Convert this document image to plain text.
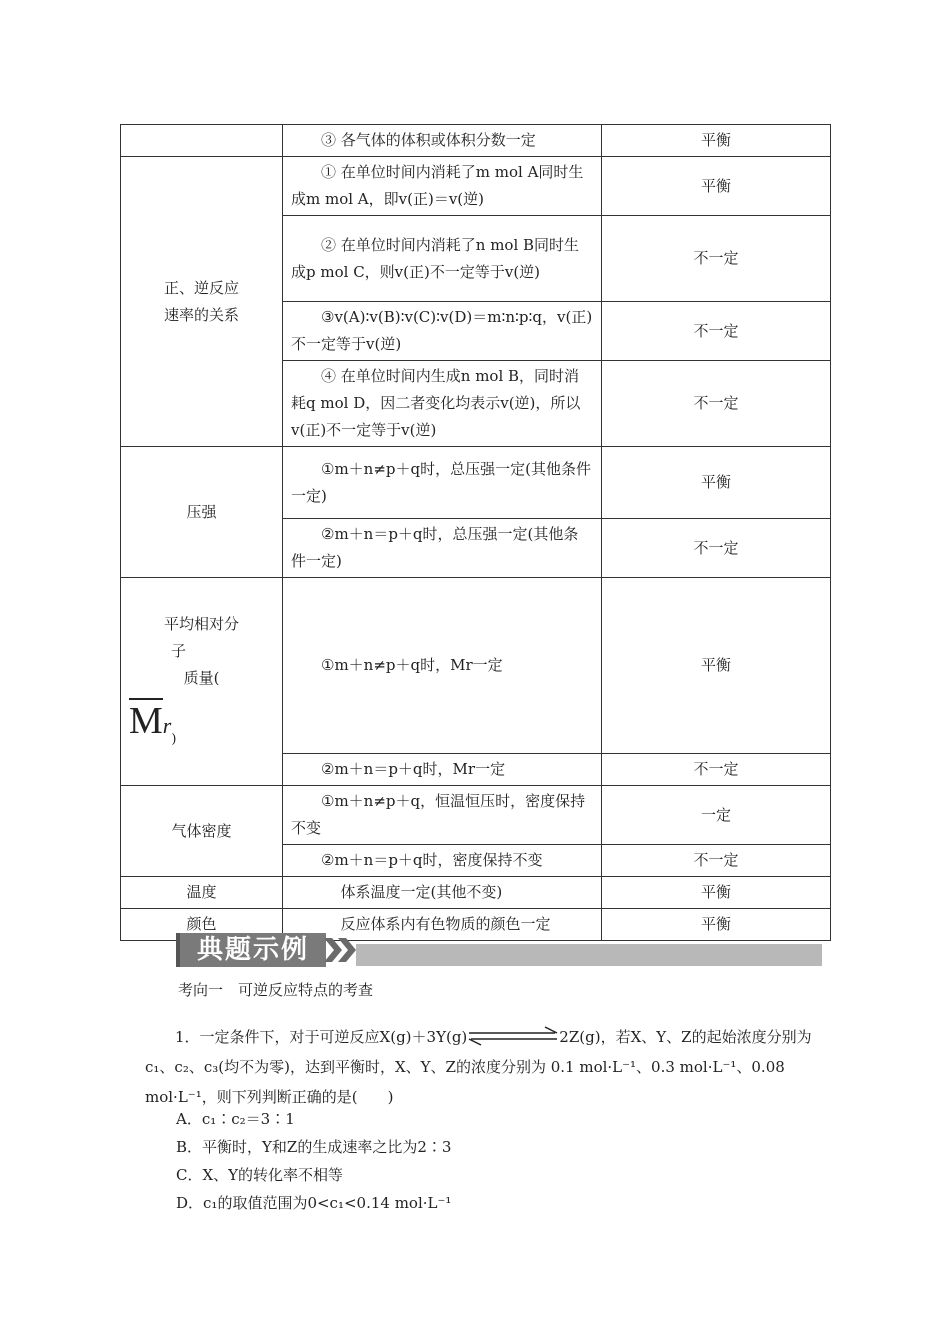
	③ 各气体的体积或体积分数一定	平衡
正、逆反应速率的关系	① 在单位时间内消耗了m mol A同时生成m mol A，即v(正)＝v(逆)	平衡
	② 在单位时间内消耗了n mol B同时生成p mol C，则v(正)不一定等于v(逆)	不一定
	③v(A)∶v(B)∶v(C)∶v(D)＝m∶n∶p∶q，v(正)不一定等于v(逆)	不一定
	④ 在单位时间内生成n mol B，同时消耗q mol D，因二者变化均表示v(逆)，所以v(正)不一定等于v(逆)	不一定
压强	①m＋n≠p＋q时，总压强一定(其他条件一定)	平衡
	②m＋n＝p＋q时，总压强一定(其他条件一定)	不一定

平均相对分
子
质量(
Mr)	①m＋n≠p＋q时，Mr一定	平衡
	②m＋n＝p＋q时，Mr一定	不一定
气体密度	①m＋n≠p＋q，恒温恒压时，密度保持不变	一定
	②m＋n＝p＋q时，密度保持不变	不一定
温度	体系温度一定(其他不变)	平衡
颜色	反应体系内有色物质的颜色一定	平衡
典题示例
考向一　可逆反应特点的考查

1．一定条件下，对于可逆反应X(g)＋3Y(g)	2Z(g)，若X、Y、Z的起始浓度分别为c₁、c₂、c₃(均不为零)，达到平衡时，X、Y、Z的浓度分别为 0.1 mol·L⁻¹、0.3 mol·L⁻¹、0.08 mol·L⁻¹，则下列判断正确的是(　　)

A．c₁∶c₂＝3∶1
B．平衡时，Y和Z的生成速率之比为2∶3
C．X、Y的转化率不相等
D．c₁的取值范围为0<c₁<0.14 mol·L⁻¹
